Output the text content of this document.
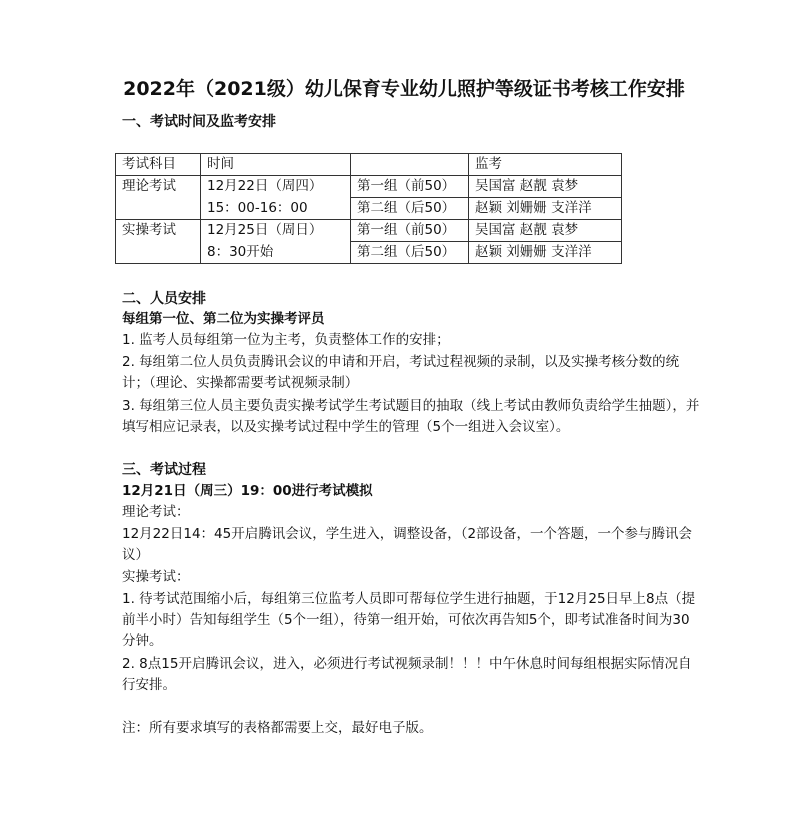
2022年（2021级）幼儿保育专业幼儿照护等级证书考核工作安排
一、考试时间及监考安排
考试科目	时间		监考
理论考试	12月22日（周四）	第一组（前50）	吴国富 赵靓 袁梦
	15：00-16：00	第二组（后50）	赵颖 刘姗姗 支洋洋
实操考试	12月25日（周日）	第一组（前50）	吴国富 赵靓 袁梦
	8：30开始	第二组（后50）	赵颖 刘姗姗 支洋洋
二、人员安排
每组第一位、第二位为实操考评员
1. 监考人员每组第一位为主考，负责整体工作的安排；
2. 每组第二位人员负责腾讯会议的申请和开启，考试过程视频的录制，以及实操考核分数的统计；（理论、实操都需要考试视频录制）
3. 每组第三位人员主要负责实操考试学生考试题目的抽取（线上考试由教师负责给学生抽题），并填写相应记录表，以及实操考试过程中学生的管理（5个一组进入会议室）。
三、考试过程
12月21日（周三）19：00进行考试模拟
理论考试：
12月22日14：45开启腾讯会议，学生进入，调整设备，（2部设备，一个答题，一个参与腾讯会议）
实操考试：
1. 待考试范围缩小后，每组第三位监考人员即可帮每位学生进行抽题，于12月25日早上8点（提前半小时）告知每组学生（5个一组），待第一组开始，可依次再告知5个，即考试准备时间为30分钟。
2. 8点15开启腾讯会议，进入，必须进行考试视频录制！！！中午休息时间每组根据实际情况自行安排。
注：所有要求填写的表格都需要上交，最好电子版。
